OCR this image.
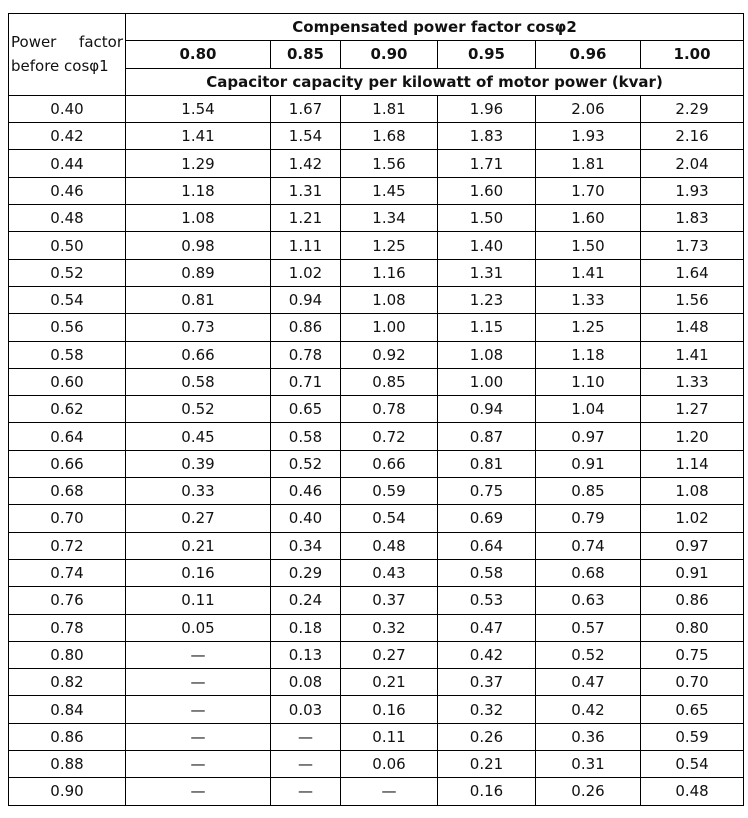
Power factor
before cosφ1	Compensated power factor cosφ2					
	0.80	0.85	0.90	0.95	0.96	1.00
	Capacitor capacity per kilowatt of motor power (kvar)					
0.40	1.54	1.67	1.81	1.96	2.06	2.29
0.42	1.41	1.54	1.68	1.83	1.93	2.16
0.44	1.29	1.42	1.56	1.71	1.81	2.04
0.46	1.18	1.31	1.45	1.60	1.70	1.93
0.48	1.08	1.21	1.34	1.50	1.60	1.83
0.50	0.98	1.11	1.25	1.40	1.50	1.73
0.52	0.89	1.02	1.16	1.31	1.41	1.64
0.54	0.81	0.94	1.08	1.23	1.33	1.56
0.56	0.73	0.86	1.00	1.15	1.25	1.48
0.58	0.66	0.78	0.92	1.08	1.18	1.41
0.60	0.58	0.71	0.85	1.00	1.10	1.33
0.62	0.52	0.65	0.78	0.94	1.04	1.27
0.64	0.45	0.58	0.72	0.87	0.97	1.20
0.66	0.39	0.52	0.66	0.81	0.91	1.14
0.68	0.33	0.46	0.59	0.75	0.85	1.08
0.70	0.27	0.40	0.54	0.69	0.79	1.02
0.72	0.21	0.34	0.48	0.64	0.74	0.97
0.74	0.16	0.29	0.43	0.58	0.68	0.91
0.76	0.11	0.24	0.37	0.53	0.63	0.86
0.78	0.05	0.18	0.32	0.47	0.57	0.80
0.80	—	0.13	0.27	0.42	0.52	0.75
0.82	—	0.08	0.21	0.37	0.47	0.70
0.84	—	0.03	0.16	0.32	0.42	0.65
0.86	—	—	0.11	0.26	0.36	0.59
0.88	—	—	0.06	0.21	0.31	0.54
0.90	—	—	—	0.16	0.26	0.48
